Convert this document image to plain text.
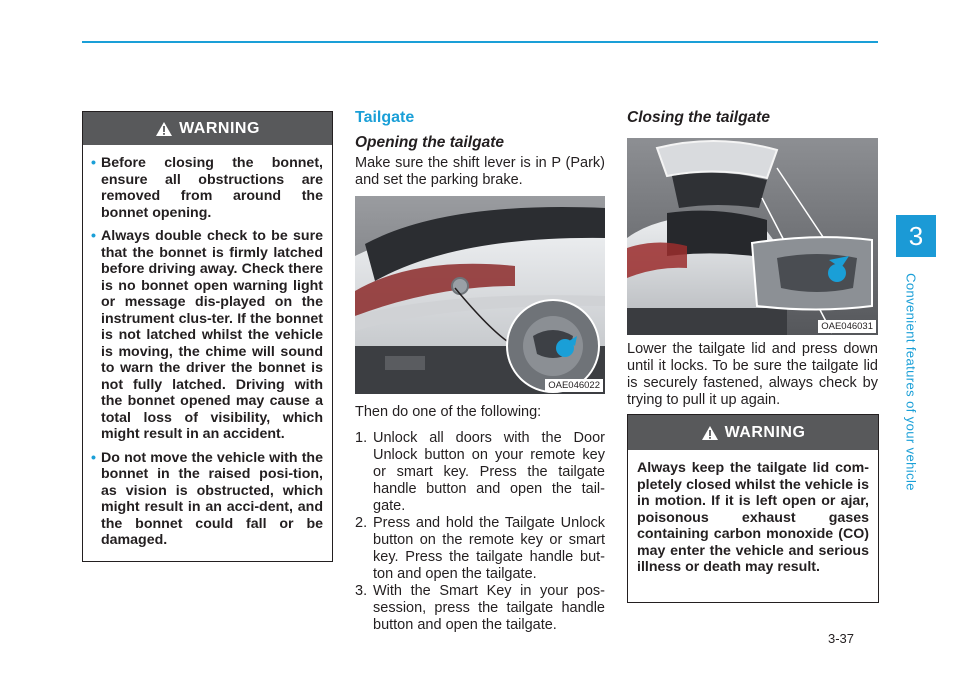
WARNING
• Before closing the bonnet, ensure all obstructions are removed from around the bonnet opening.
• Always double check to be sure that the bonnet is firmly latched before driving away. Check there is no bonnet open warning light or message dis-played on the instrument clus-ter. If the bonnet is not latched whilst the vehicle is moving, the chime will sound to warn the driver the bonnet is not fully latched. Driving with the bonnet opened may cause a total loss of visibility, which might result in an accident.
• Do not move the vehicle with the bonnet in the raised posi-tion, as vision is obstructed, which might result in an acci-dent, and the bonnet could fall or be damaged.
Tailgate
Opening the tailgate

Make sure the shift lever is in P (Park) and set the parking brake.

OAE046022

Then do one of the following:

1. Unlock all doors with the Door Unlock button on your remote key or smart key. Press the tailgate handle button and open the tail-gate.
2. Press and hold the Tailgate Unlock button on the remote key or smart key. Press the tailgate handle but-ton and open the tailgate.
3. With the Smart Key in your pos-session, press the tailgate handle button and open the tailgate.
Closing the tailgate
OAE046031

Lower the tailgate lid and press down until it locks. To be sure the tailgate lid is securely fastened, always check by trying to pull it up again.

WARNING
Always keep the tailgate lid com-pletely closed whilst the vehicle is in motion. If it is left open or ajar, poisonous exhaust gases containing carbon monoxide (CO) may enter the vehicle and serious illness or death may result.
3
Convenient features of your vehicle
3-37
